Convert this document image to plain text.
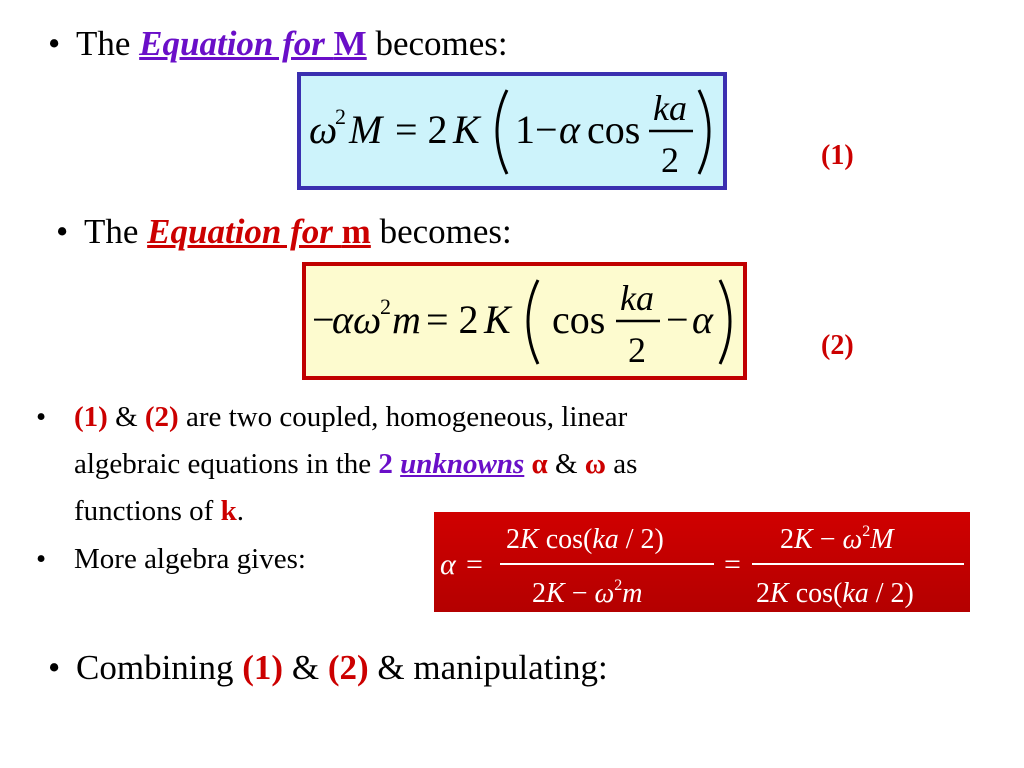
• The Equation for M becomes:
ω
2 M = 2 K 1− α cos ka
2	(1)
• The Equation for m becomes:
−
αω
2 m = 2 K cos ka
2
− α
(2)
• (1) & (2) are two coupled, homogeneous, linear
algebraic equations in the 2 unknowns α & ω as
functions of k.
• More algebra gives:	α =
2K cos(ka / 2)
$2K - \omega^2m$
=
$2K - \omega^2M$
2K cos(ka / 2)
• Combining (1) & (2) & manipulating:
